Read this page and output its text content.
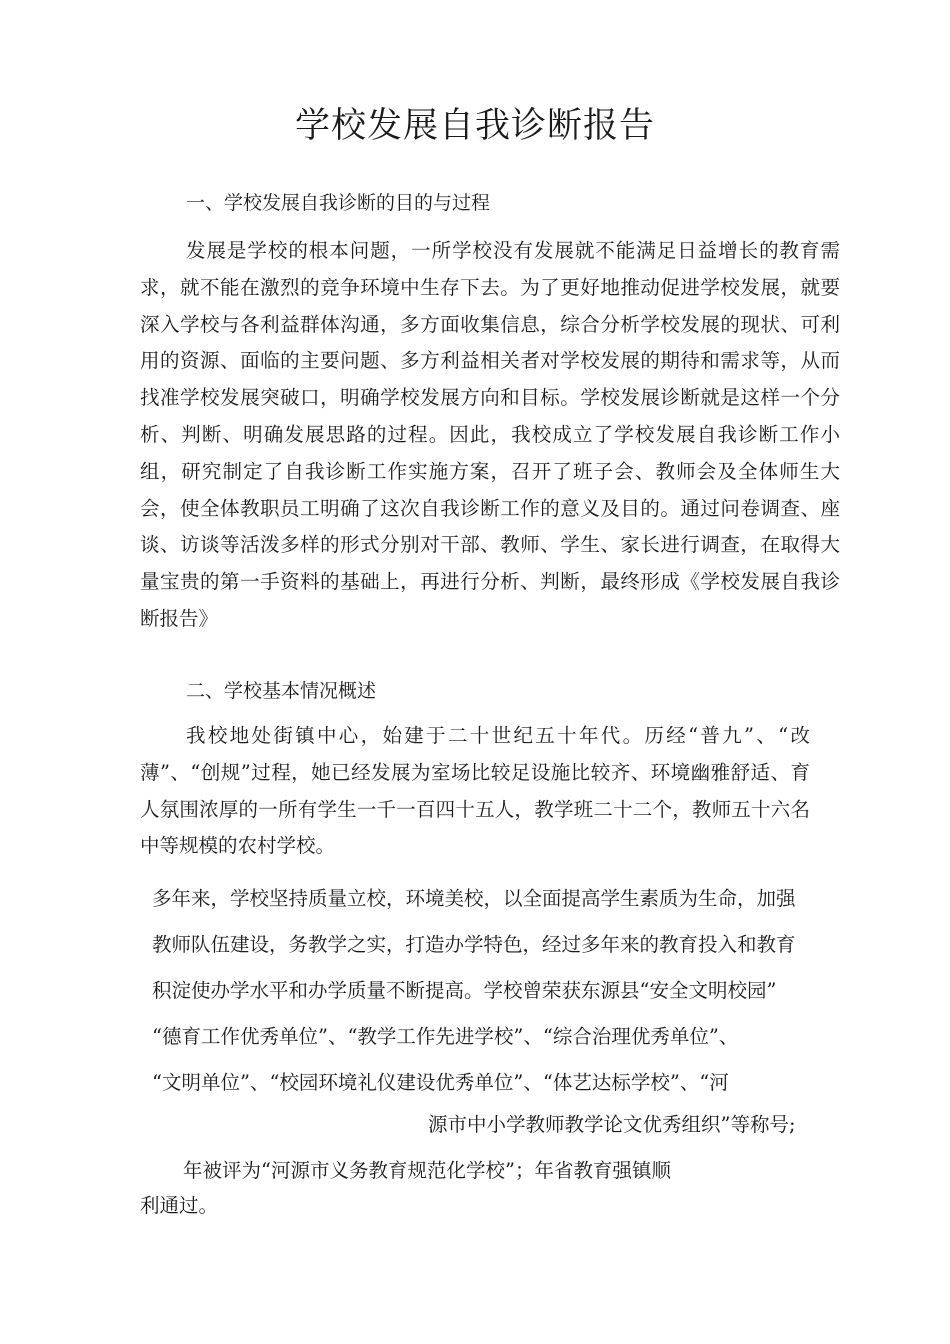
学校发展自我诊断报告
一、学校发展自我诊断的目的与过程
发展是学校的根本问题，一所学校没有发展就不能满足日益增长的教育需求，就不能在激烈的竞争环境中生存下去。为了更好地推动促进学校发展，就要深入学校与各利益群体沟通，多方面收集信息，综合分析学校发展的现状、可利用的资源、面临的主要问题、多方利益相关者对学校发展的期待和需求等，从而找准学校发展突破口，明确学校发展方向和目标。学校发展诊断就是这样一个分析、判断、明确发展思路的过程。因此，我校成立了学校发展自我诊断工作小组，研究制定了自我诊断工作实施方案，召开了班子会、教师会及全体师生大会，使全体教职员工明确了这次自我诊断工作的意义及目的。通过问卷调查、座谈、访谈等活泼多样的形式分别对干部、教师、学生、家长进行调查，在取得大量宝贵的第一手资料的基础上，再进行分析、判断，最终形成《学校发展自我诊断报告》
二、学校基本情况概述
我校地处街镇中心，始建于二十世纪五十年代。历经“普九”、“改薄”、“创规”过程，她已经发展为室场比较足设施比较齐、环境幽雅舒适、育人氛围浓厚的一所有学生一千一百四十五人，教学班二十二个，教师五十六名中等规模的农村学校。
多年来，学校坚持质量立校，环境美校，以全面提高学生素质为生命，加强
教师队伍建设，务教学之实，打造办学特色，经过多年来的教育投入和教育
积淀使办学水平和办学质量不断提高。学校曾荣获东源县“安全文明校园”
“德育工作优秀单位”、“教学工作先进学校”、“综合治理优秀单位”、
“文明单位”、“校园环境礼仪建设优秀单位”、“体艺达标学校”、“河
源市中小学教师教学论文优秀组织”等称号;
年被评为“河源市义务教育规范化学校”；年省教育强镇顺
利通过。
